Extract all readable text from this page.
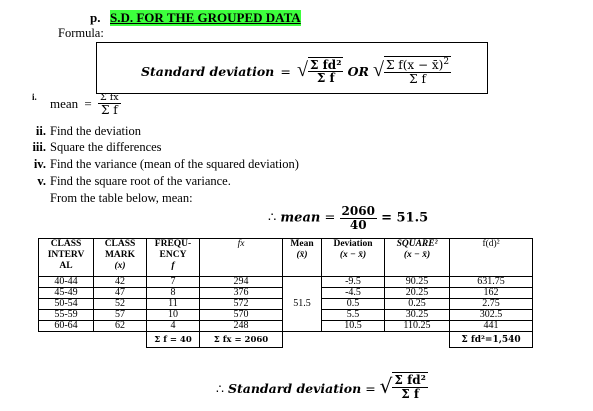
p. S.D. FOR THE GROUPED DATA
Formula:
Standard deviation = √ $\frac{\text{Σ fd²}}{\text{Σ f}}$ OR √ $\frac{\Sigma f(x - x̄)^2}{\text{Σ f}}$
i. mean = $\frac{\text{Σ fx}}{\text{Σ f}}$
ii. Find the deviation
iii. Square the differences
iv. Find the variance (mean of the squared deviation)
v. Find the square root of the variance.
From the table below, mean:
∴ mean = $\frac{2060}{40} = 51.5$
CLASS
INTERV
AL	CLASS
MARK
(x)	FREQU-
ENCY
f	fx	Mean
(x̄)	Deviation
(x − x̄)	SQUARE²
(x − x̄)	f(d)²
40-44	42	7	294	51.5	-9.5	90.25	631.75
45-49	47	8	376		-4.5	20.25	162
50-54	52	11	572		0.5	0.25	2.75
55-59	57	10	570		5.5	30.25	302.5
60-64	62	4	248		10.5	110.25	441
		Σ f = 40	Σ fx = 2060				Σ fd²=1,540
∴ Standard deviation = √ $\frac{\text{Σ fd²}}{\text{Σ f}}$
